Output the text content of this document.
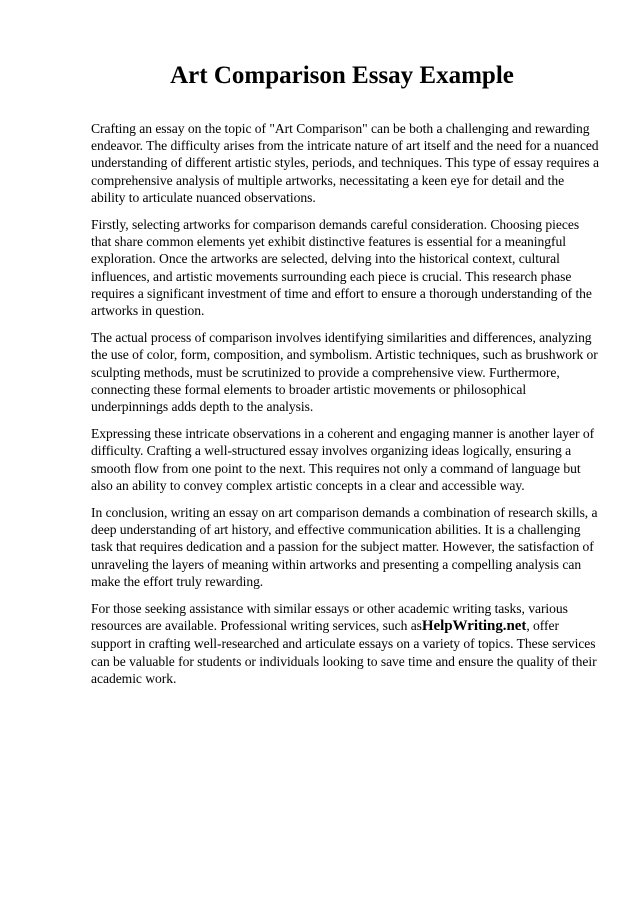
Art Comparison Essay Example

Crafting an essay on the topic of "Art Comparison" can be both a challenging and rewarding endeavor. The difficulty arises from the intricate nature of art itself and the need for a nuanced understanding of different artistic styles, periods, and techniques. This type of essay requires a comprehensive analysis of multiple artworks, necessitating a keen eye for detail and the ability to articulate nuanced observations.

Firstly, selecting artworks for comparison demands careful consideration. Choosing pieces that share common elements yet exhibit distinctive features is essential for a meaningful exploration. Once the artworks are selected, delving into the historical context, cultural influences, and artistic movements surrounding each piece is crucial. This research phase requires a significant investment of time and effort to ensure a thorough understanding of the artworks in question.

The actual process of comparison involves identifying similarities and differences, analyzing the use of color, form, composition, and symbolism. Artistic techniques, such as brushwork or sculpting methods, must be scrutinized to provide a comprehensive view. Furthermore, connecting these formal elements to broader artistic movements or philosophical underpinnings adds depth to the analysis.

Expressing these intricate observations in a coherent and engaging manner is another layer of difficulty. Crafting a well-structured essay involves organizing ideas logically, ensuring a smooth flow from one point to the next. This requires not only a command of language but also an ability to convey complex artistic concepts in a clear and accessible way.

In conclusion, writing an essay on art comparison demands a combination of research skills, a deep understanding of art history, and effective communication abilities. It is a challenging task that requires dedication and a passion for the subject matter. However, the satisfaction of unraveling the layers of meaning within artworks and presenting a compelling analysis can make the effort truly rewarding.

For those seeking assistance with similar essays or other academic writing tasks, various resources are available. Professional writing services, such asHelpWriting.net, offer support in crafting well-researched and articulate essays on a variety of topics. These services can be valuable for students or individuals looking to save time and ensure the quality of their academic work.
